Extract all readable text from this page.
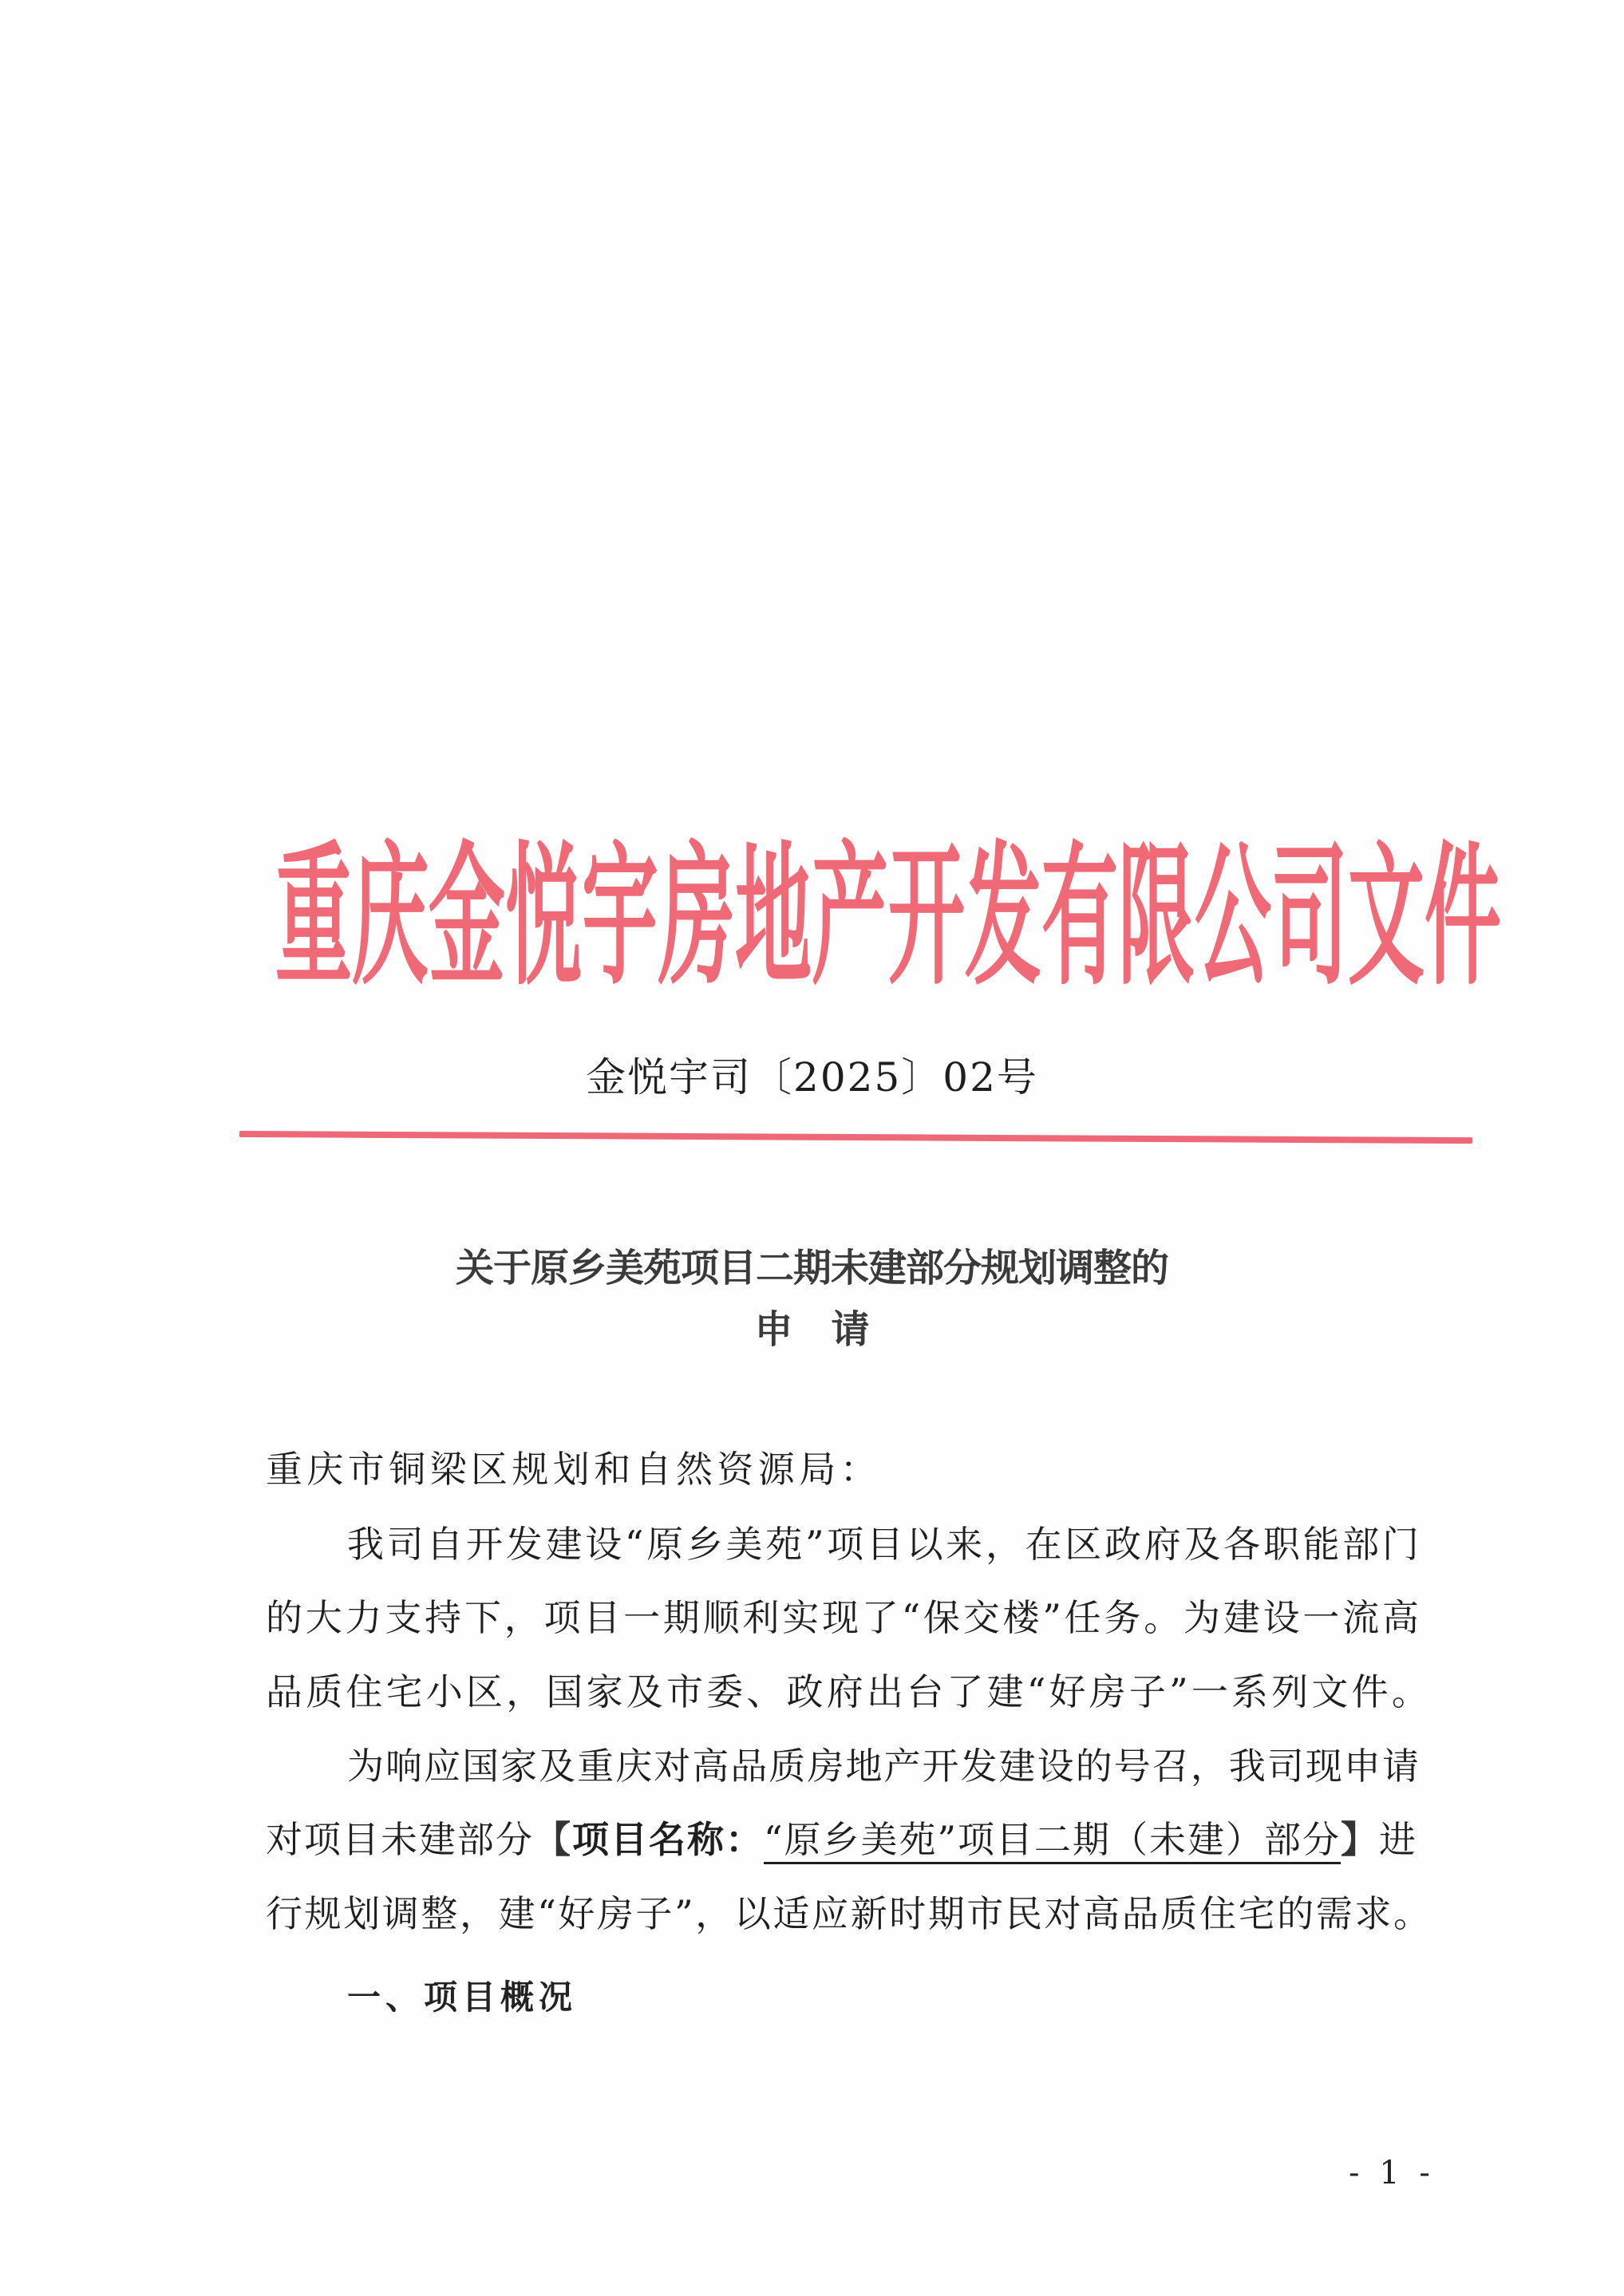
重 庆 金 悦 宇 房 地 产 开 发 有 限 公 司 文 件
金悦宇司〔2025〕02号
关于原乡美苑项目二期未建部分规划调整的
申请
重庆市铜梁区规划和自然资源局：
我司自开发建设“原乡美苑”项目以来，在区政府及各职能部门
的大力支持下，项目一期顺利实现了“保交楼”任务。为建设一流高
品质住宅小区，国家及市委、政府出台了建“好房子”一系列文件。
为响应国家及重庆对高品质房地产开发建设的号召，我司现申请
对项目未建部分【项目名称：“原乡美苑”项目二期（未建）部分】进
行规划调整，建“好房子”，以适应新时期市民对高品质住宅的需求。
一、项目概况
- 1 -
